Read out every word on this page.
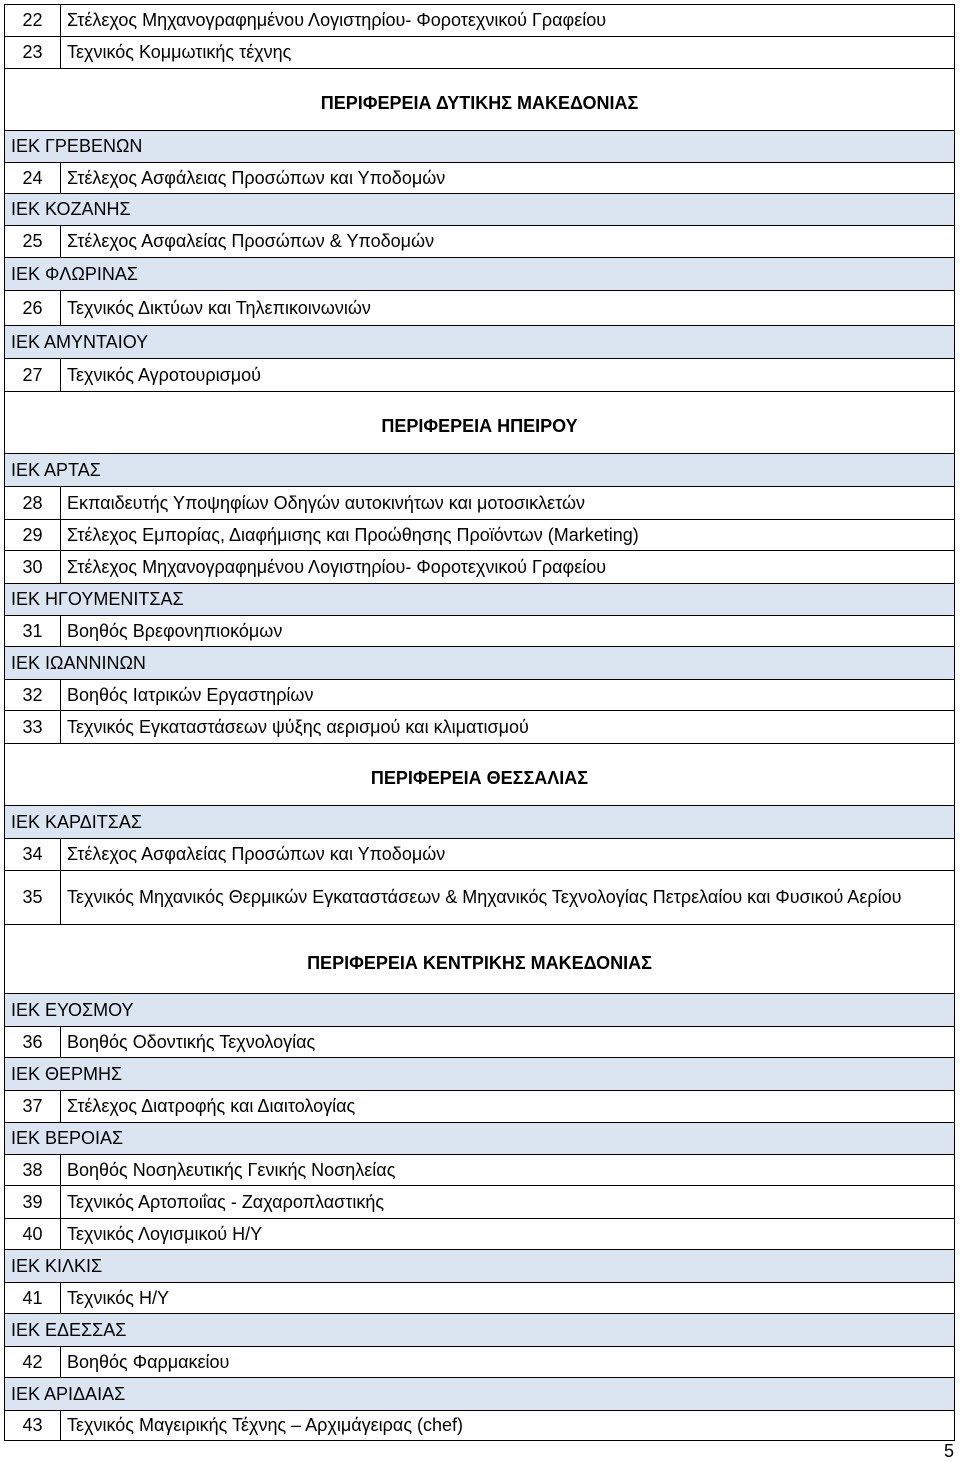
22	Στέλεχος Μηχανογραφημένου Λογιστηρίου- Φοροτεχνικού Γραφείου
23	Τεχνικός Κομμωτικής τέχνης
ΠΕΡΙΦΕΡΕΙΑ ΔΥΤΙΚΗΣ ΜΑΚΕΔΟΝΙΑΣ	
ΙΕΚ ΓΡΕΒΕΝΩΝ	
24	Στέλεχος Ασφάλειας Προσώπων και Υποδομών
ΙΕΚ ΚΟΖΑΝΗΣ	
25	Στέλεχος Ασφαλείας Προσώπων & Υποδομών
ΙΕΚ ΦΛΩΡΙΝΑΣ	
26	Τεχνικός Δικτύων και Τηλεπικοινωνιών
ΙΕΚ ΑΜΥΝΤΑΙΟΥ	
27	Τεχνικός Αγροτουρισμού
ΠΕΡΙΦΕΡΕΙΑ ΗΠΕΙΡΟΥ	
ΙΕΚ ΑΡΤΑΣ	
28	Εκπαιδευτής Υποψηφίων Οδηγών αυτοκινήτων και μοτοσικλετών
29	Στέλεχος Εμπορίας, Διαφήμισης και Προώθησης Προϊόντων (Marketing)
30	Στέλεχος Μηχανογραφημένου Λογιστηρίου- Φοροτεχνικού Γραφείου
ΙΕΚ ΗΓΟΥΜΕΝΙΤΣΑΣ	
31	Βοηθός Βρεφονηπιοκόμων
ΙΕΚ ΙΩΑΝΝΙΝΩΝ	
32	Βοηθός Ιατρικών Εργαστηρίων
33	Τεχνικός Εγκαταστάσεων ψύξης αερισμού και κλιματισμού
ΠΕΡΙΦΕΡΕΙΑ ΘΕΣΣΑΛΙΑΣ	
ΙΕΚ ΚΑΡΔΙΤΣΑΣ	
34	Στέλεχος Ασφαλείας Προσώπων και Υποδομών
35	Τεχνικός Μηχανικός Θερμικών Εγκαταστάσεων & Μηχανικός Τεχνολογίας Πετρελαίου και Φυσικού Αερίου
ΠΕΡΙΦΕΡΕΙΑ ΚΕΝΤΡΙΚΗΣ ΜΑΚΕΔΟΝΙΑΣ	
ΙΕΚ ΕΥΟΣΜΟΥ	
36	Βοηθός Οδοντικής Τεχνολογίας
ΙΕΚ ΘΕΡΜΗΣ	
37	Στέλεχος Διατροφής και Διαιτολογίας
ΙΕΚ ΒΕΡΟΙΑΣ	
38	Βοηθός Νοσηλευτικής Γενικής Νοσηλείας
39	Τεχνικός Αρτοποιΐας - Ζαχαροπλαστικής
40	Τεχνικός Λογισμικού Η/Υ
ΙΕΚ ΚΙΛΚΙΣ	
41	Τεχνικός Η/Υ
ΙΕΚ ΕΔΕΣΣΑΣ	
42	Βοηθός Φαρμακείου
ΙΕΚ ΑΡΙΔΑΙΑΣ	
43	Τεχνικός Μαγειρικής Τέχνης – Αρχιμάγειρας (chef)
5
